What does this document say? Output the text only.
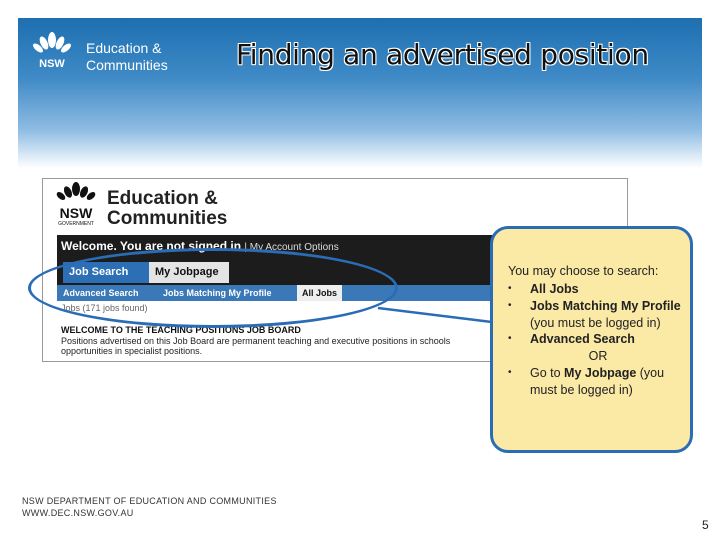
NSW
Education &
Communities Finding an advertised position
NSW
GOVERNMENT
Education &
Communities
Welcome. You are not signed in | My Account Options
Job Search	My Jobpage
Advanced Search	Jobs Matching My Profile	All Jobs
Jobs (171 jobs found)
WELCOME TO THE TEACHING POSITIONS JOB BOARD
Positions advertised on this Job Board are permanent teaching and executive positions in schools opportunities in specialist positions.
You may choose to search:
•	All Jobs
•	Jobs Matching My Profile (you must be logged in)
•	Advanced Search
OR
•	Go to My Jobpage (you must be logged in)
NSW DEPARTMENT OF EDUCATION AND COMMUNITIES
WWW.DEC.NSW.GOV.AU
5
